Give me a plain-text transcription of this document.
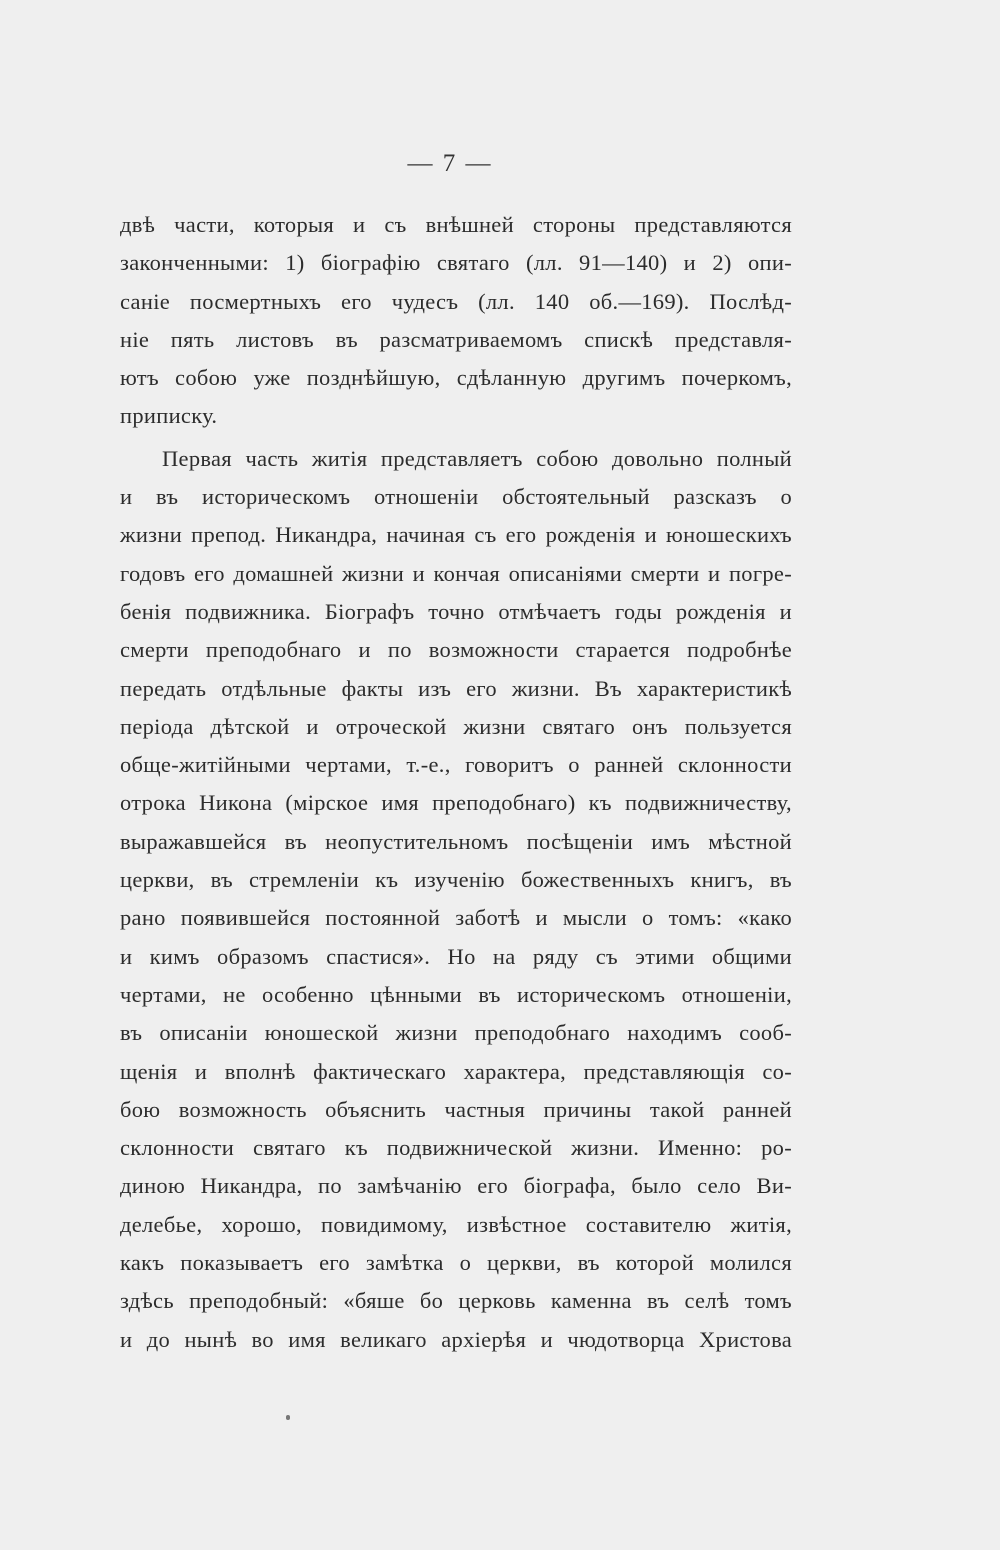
— 7 —
двѣ части, которыя и съ внѣшней стороны представляются
законченными: 1) біографію святаго (лл. 91—140) и 2) опи-
саніе посмертныхъ его чудесъ (лл. 140 об.—169). Послѣд-
ніе пять листовъ въ разсматриваемомъ спискѣ представля-
ютъ собою уже позднѣйшую, сдѣланную другимъ почеркомъ,
приписку.
Первая часть житія представляетъ собою довольно полный
и въ историческомъ отношеніи обстоятельный разсказъ о
жизни препод. Никандра, начиная съ его рожденія и юношескихъ
годовъ его домашней жизни и кончая описаніями смерти и погре-
бенія подвижника. Біографъ точно отмѣчаетъ годы рожденія и
смерти преподобнаго и по возможности старается подробнѣе
передать отдѣльные факты изъ его жизни. Въ характеристикѣ
періода дѣтской и отроческой жизни святаго онъ пользуется
обще-житійными чертами, т.-е., говоритъ о ранней склонности
отрока Никона (мірское имя преподобнаго) къ подвижничеству,
выражавшейся въ неопустительномъ посѣщеніи имъ мѣстной
церкви, въ стремленіи къ изученію божественныхъ книгъ, въ
рано появившейся постоянной заботѣ и мысли о томъ: «како
и кимъ образомъ спастися». Но на ряду съ этими общими
чертами, не особенно цѣнными въ историческомъ отношеніи,
въ описаніи юношеской жизни преподобнаго находимъ сооб-
щенія и вполнѣ фактическаго характера, представляющія со-
бою возможность объяснить частныя причины такой ранней
склонности святаго къ подвижнической жизни. Именно: ро-
диною Никандра, по замѣчанію его біографа, было село Ви-
делебье, хорошо, повидимому, извѣстное составителю житія,
какъ показываетъ его замѣтка о церкви, въ которой молился
здѣсь преподобный: «бяше бо церковь каменна въ селѣ томъ
и до нынѣ во имя великаго архіерѣя и чюдотворца Христова
